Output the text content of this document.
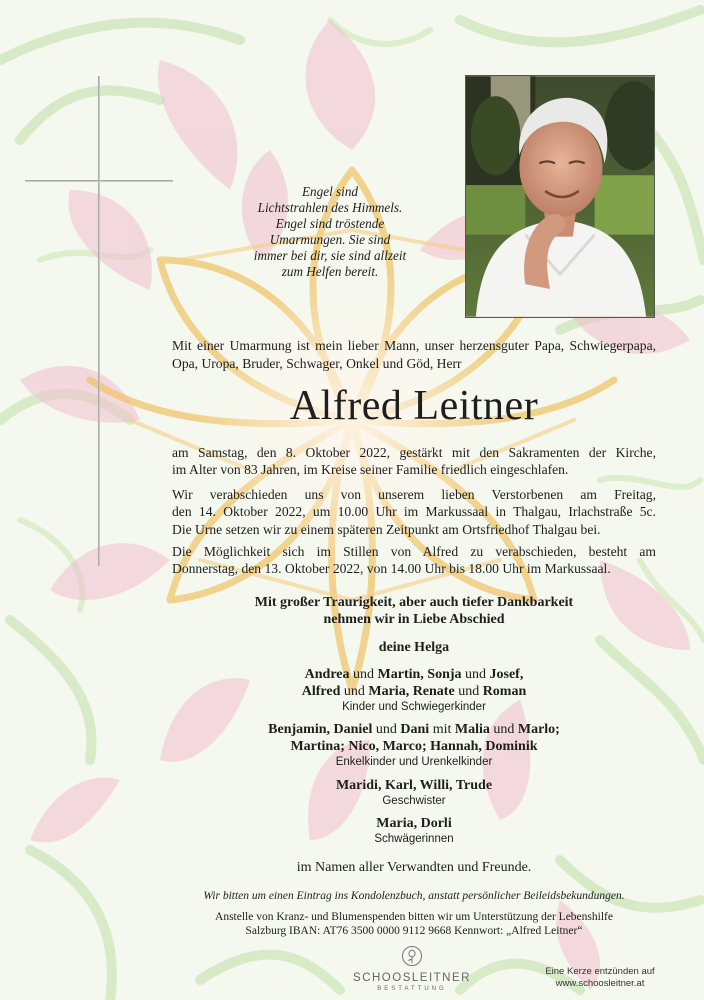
Engel sind
Lichtstrahlen des Himmels.
Engel sind tröstende
Umarmungen. Sie sind
immer bei dir, sie sind allzeit
zum Helfen bereit.
Mit einer Umarmung ist mein lieber Mann, unser herzensguter Papa, Schwiegerpapa, Opa, Uropa, Bruder, Schwager, Onkel und Göd, Herr
Alfred Leitner
am Samstag, den 8. Oktober 2022, gestärkt mit den Sakramenten der Kirche,
im Alter von 83 Jahren, im Kreise seiner Familie friedlich eingeschlafen.
Wir verabschieden uns von unserem lieben Verstorbenen am Freitag,
den 14. Oktober 2022, um 10.00 Uhr im Markussaal in Thalgau, Irlachstraße 5c.
Die Urne setzen wir zu einem späteren Zeitpunkt am Ortsfriedhof Thalgau bei.
Die Möglichkeit sich im Stillen von Alfred zu verabschieden, besteht am
Donnerstag, den 13. Oktober 2022, von 14.00 Uhr bis 18.00 Uhr im Markussaal.
Mit großer Traurigkeit, aber auch tiefer Dankbarkeit
nehmen wir in Liebe Abschied
deine Helga
Andrea und Martin, Sonja und Josef,
Alfred und Maria, Renate und Roman
Kinder und Schwiegerkinder
Benjamin, Daniel und Dani mit Malia und Marlo;
Martina; Nico, Marco; Hannah, Dominik
Enkelkinder und Urenkelkinder
Maridi, Karl, Willi, Trude
Geschwister
Maria, Dorli
Schwägerinnen
im Namen aller Verwandten und Freunde.
Wir bitten um einen Eintrag ins Kondolenzbuch, anstatt persönlicher Beileidsbekundungen.
Anstelle von Kranz- und Blumenspenden bitten wir um Unterstützung der Lebenshilfe
Salzburg IBAN: AT76 3500 0000 9112 9668 Kennwort: „Alfred Leitner“
SCHOOSLEITNER
BESTATTUNG
Eine Kerze entzünden auf
www.schoosleitner.at
